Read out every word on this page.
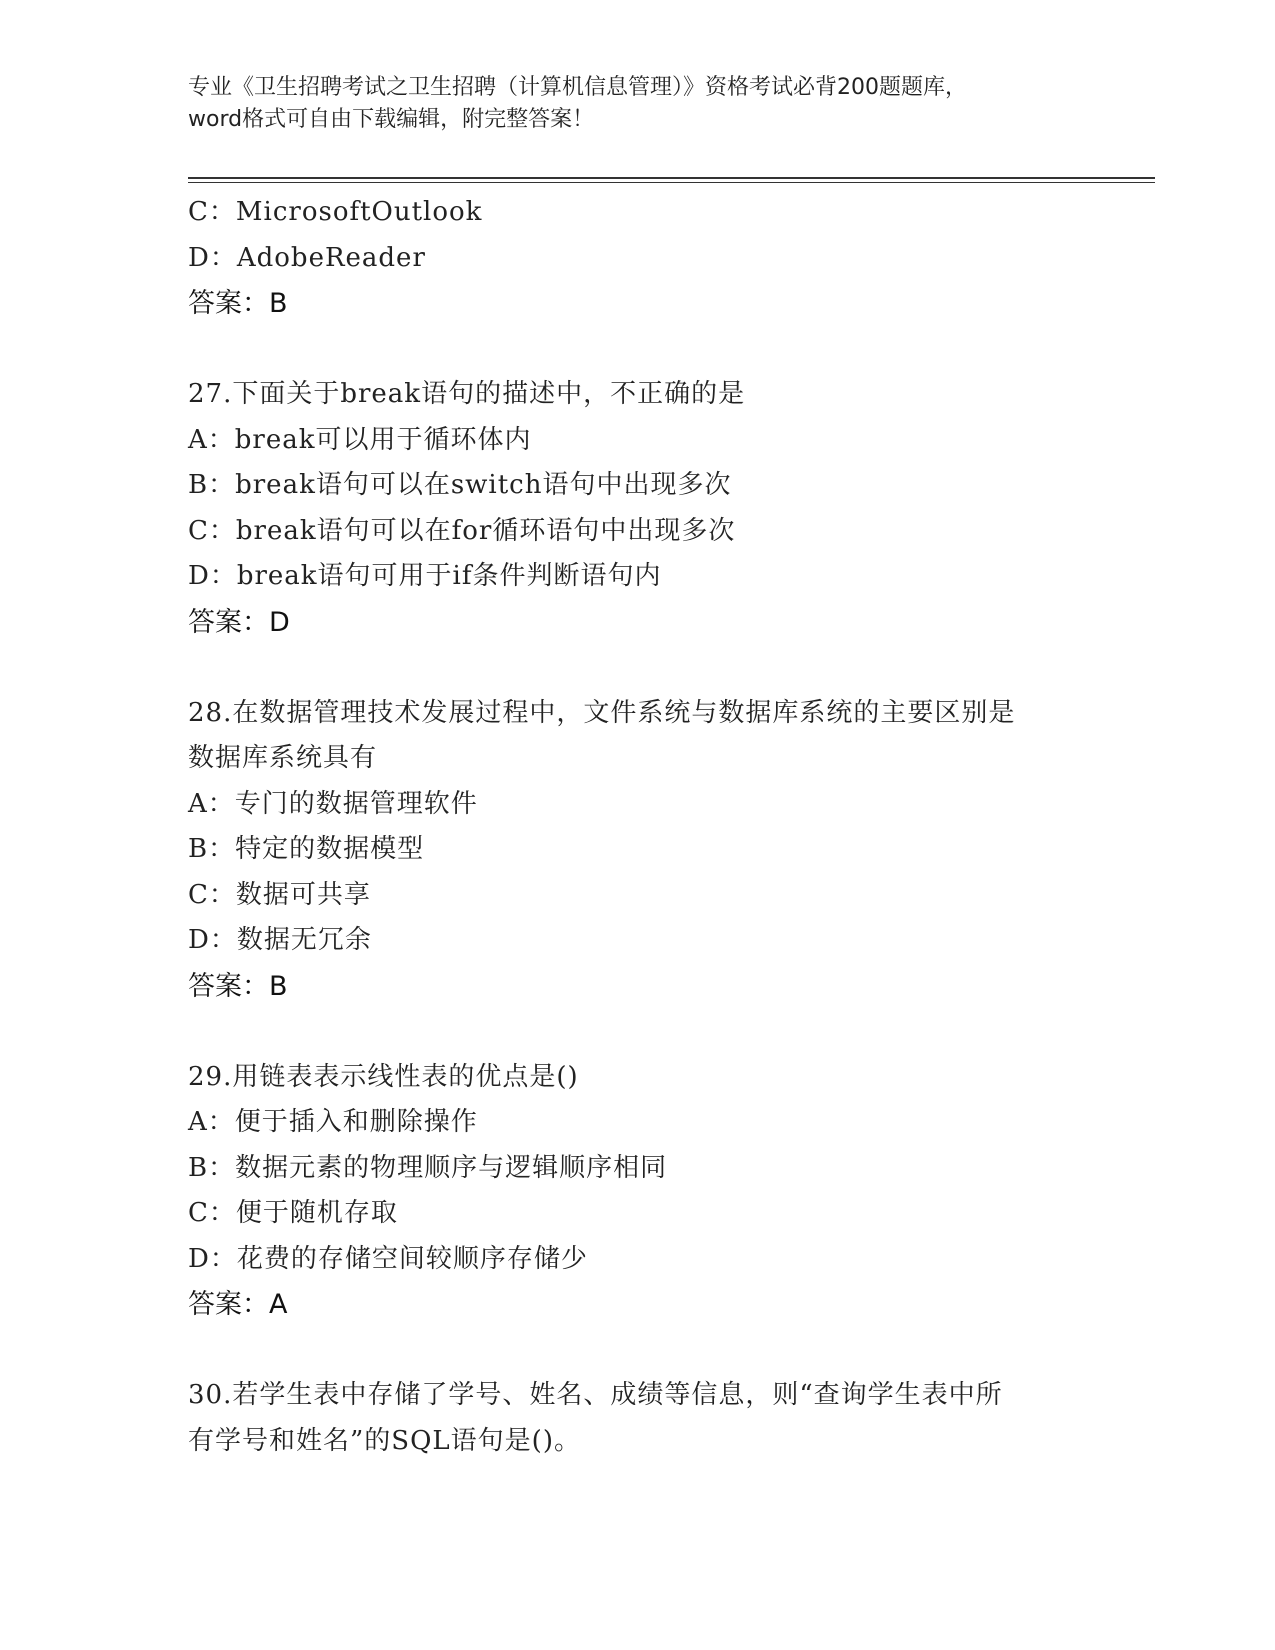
专业《卫生招聘考试之卫生招聘（计算机信息管理）》资格考试必背200题题库，
word格式可自由下载编辑，附完整答案！
C：MicrosoftOutlook
D：AdobeReader
答案：B
27.下面关于break语句的描述中，不正确的是
A：break可以用于循环体内
B：break语句可以在switch语句中出现多次
C：break语句可以在for循环语句中出现多次
D：break语句可用于if条件判断语句内
答案：D
28.在数据管理技术发展过程中，文件系统与数据库系统的主要区别是
数据库系统具有
A：专门的数据管理软件
B：特定的数据模型
C：数据可共享
D：数据无冗余
答案：B
29.用链表表示线性表的优点是()
A：便于插入和删除操作
B：数据元素的物理顺序与逻辑顺序相同
C：便于随机存取
D：花费的存储空间较顺序存储少
答案：A
30.若学生表中存储了学号、姓名、成绩等信息，则“查询学生表中所
有学号和姓名”的SQL语句是()。
